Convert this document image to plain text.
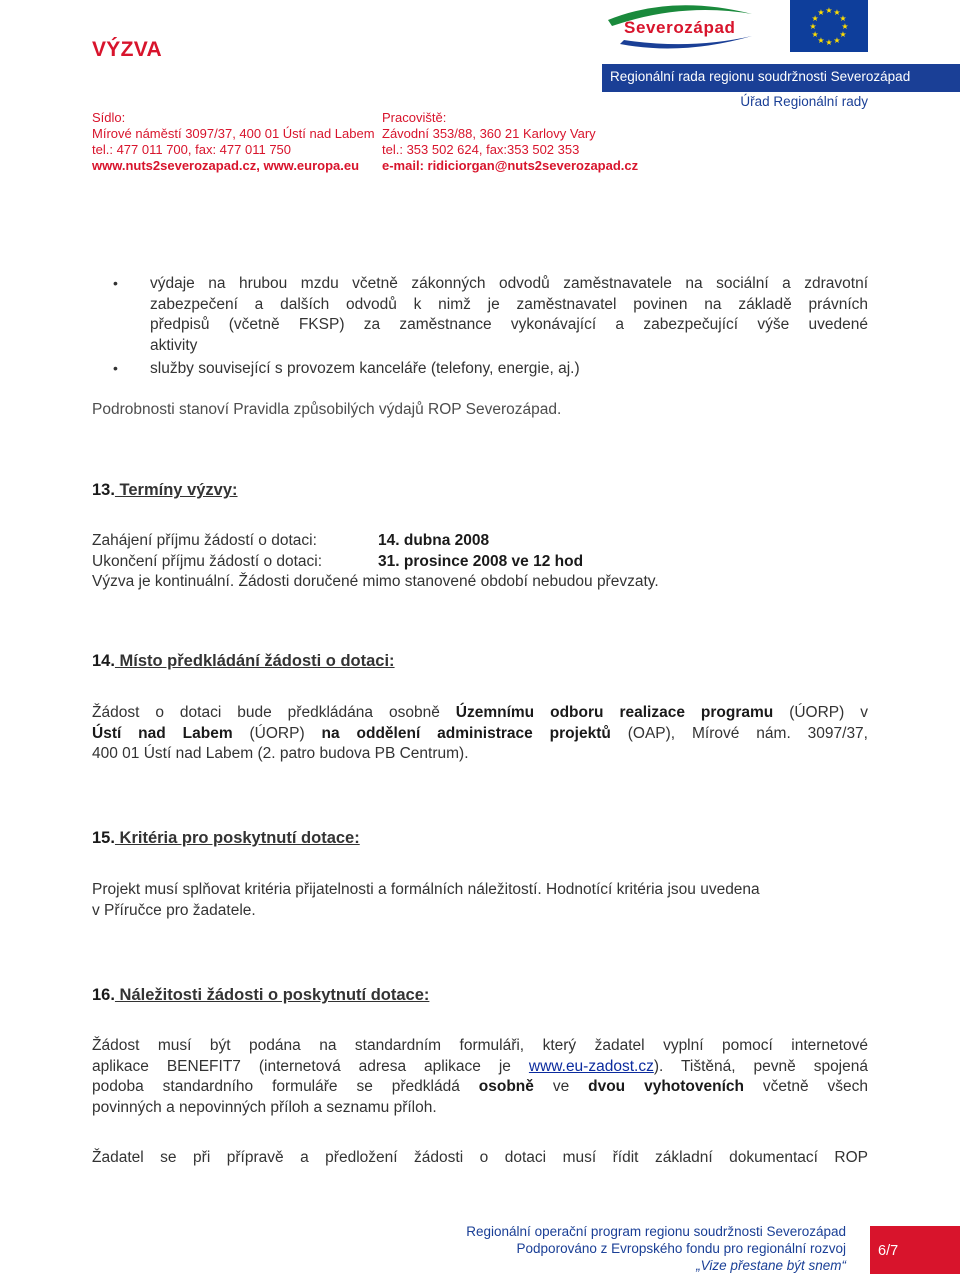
VÝZVA
Severozápad
★ ★
★
★
★
★
★
★
★
★
★
★
Regionální rada regionu soudržnosti Severozápad
Úřad Regionální rady
Sídlo:
Mírové náměstí 3097/37, 400 01 Ústí nad Labem
tel.: 477 011 700, fax: 477 011 750
www.nuts2severozapad.cz, www.europa.eu
Pracoviště:
Závodní 353/88, 360 21 Karlovy Vary
tel.: 353 502 624, fax:353 502 353
e-mail: ridiciorgan@nuts2severozapad.cz
• výdaje na hrubou mzdu včetně zákonných odvodů zaměstnavatele na sociální a zdravotní
zabezpečení a dalších odvodů k nimž je zaměstnavatel povinen na základě právních
předpisů (včetně FKSP) za zaměstnance vykonávající a zabezpečující výše uvedené
aktivity
• služby související s provozem kanceláře (telefony, energie, aj.)
Podrobnosti stanoví Pravidla způsobilých výdajů ROP Severozápad.
13. Termíny výzvy:
Zahájení příjmu žádostí o dotaci:	14. dubna 2008
Ukončení příjmu žádostí o dotaci:	31. prosince 2008 ve 12 hod
Výzva je kontinuální. Žádosti doručené mimo stanovené období nebudou převzaty.
14. Místo předkládání žádosti o dotaci:
Žádost o dotaci bude předkládána osobně Územnímu odboru realizace programu (ÚORP) v
Ústí nad Labem (ÚORP) na oddělení administrace projektů (OAP), Mírové nám. 3097/37,
400 01 Ústí nad Labem (2. patro budova PB Centrum).
15. Kritéria pro poskytnutí dotace:
Projekt musí splňovat kritéria přijatelnosti a formálních náležitostí. Hodnotící kritéria jsou uvedena
v Příručce pro žadatele.
16. Náležitosti žádosti o poskytnutí dotace:
Žádost musí být podána na standardním formuláři, který žadatel vyplní pomocí internetové
aplikace BENEFIT7 (internetová adresa aplikace je www.eu-zadost.cz). Tištěná, pevně spojená
podoba standardního formuláře se předkládá osobně ve dvou vyhotoveních včetně všech
povinných a nepovinných příloh a seznamu příloh.
Žadatel se při přípravě a předložení žádosti o dotaci musí řídit základní dokumentací ROP
Regionální operační program regionu soudržnosti Severozápad
Podporováno z Evropského fondu pro regionální rozvoj
„Vize přestane být snem“
6/7
